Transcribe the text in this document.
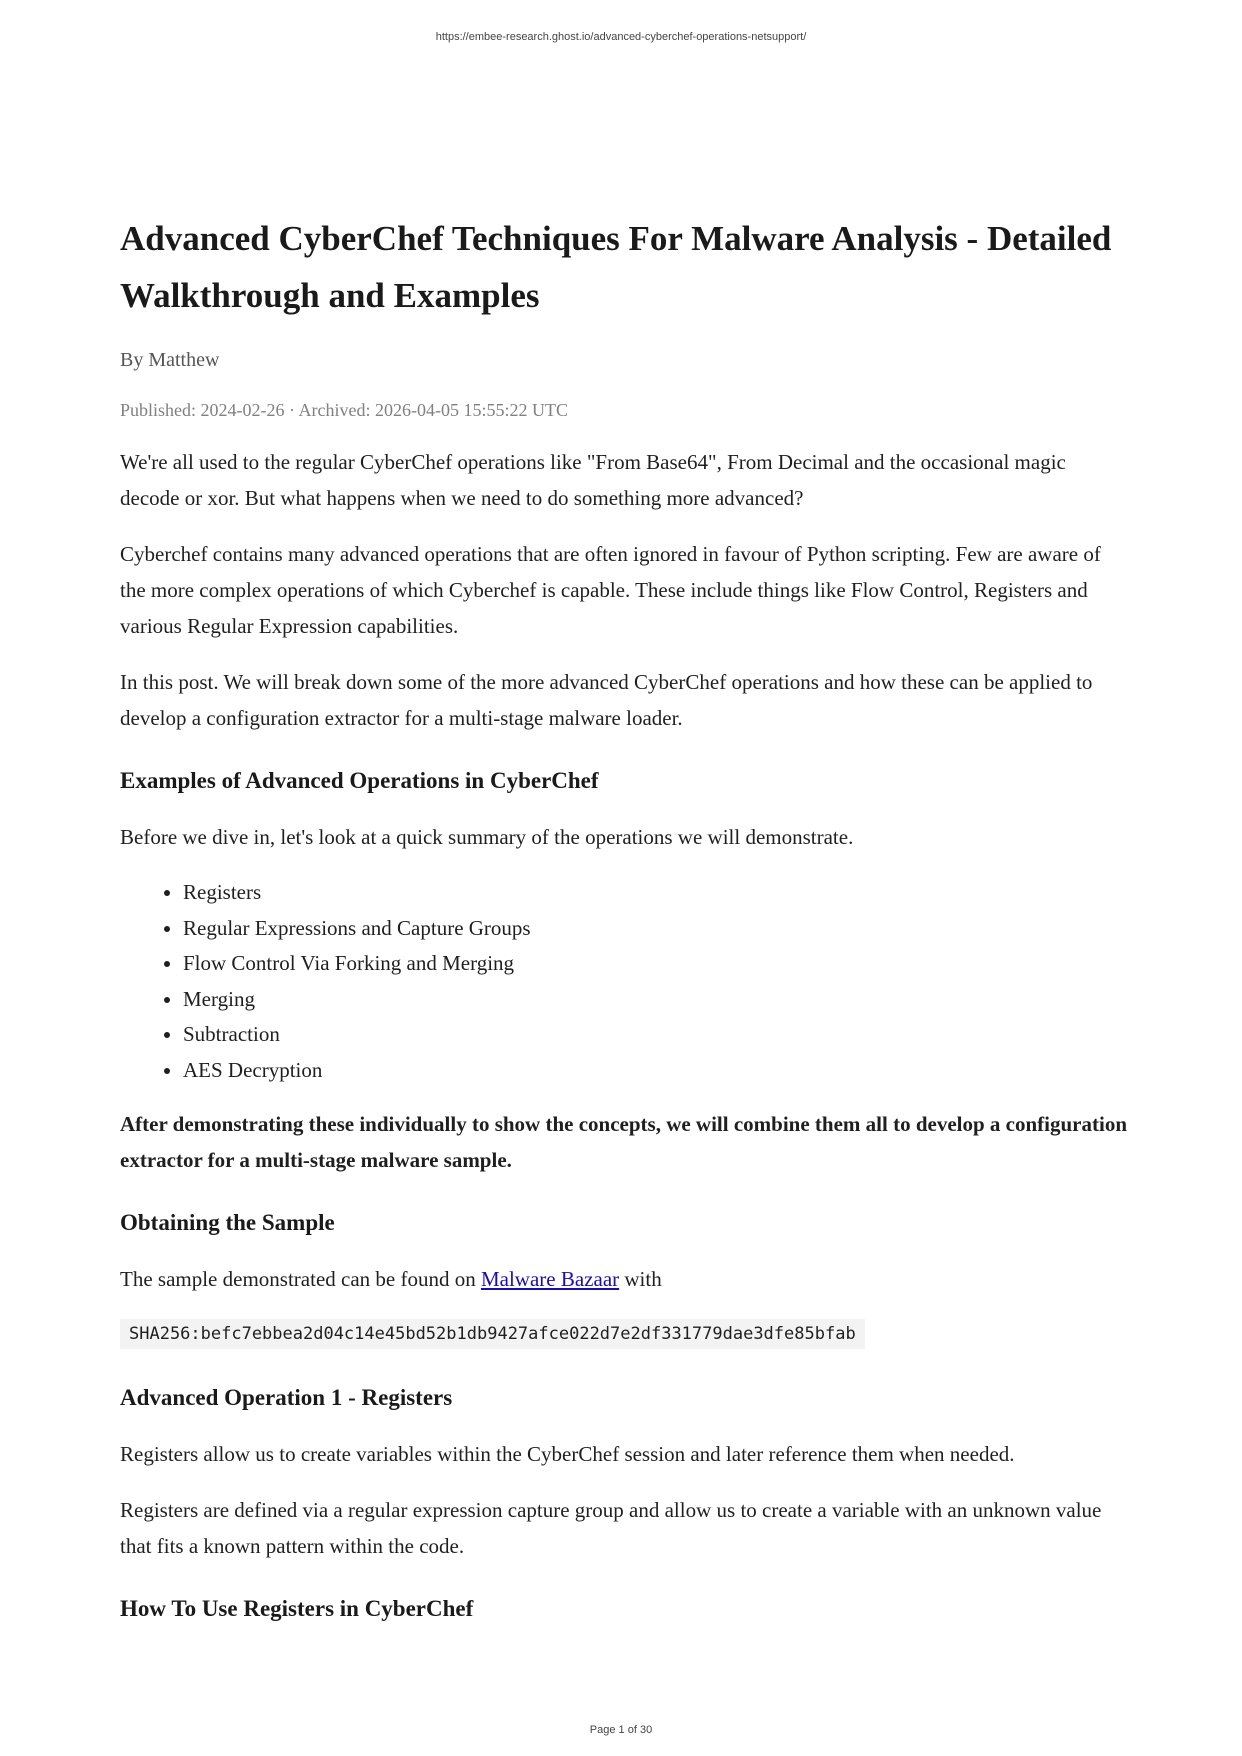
https://embee-research.ghost.io/advanced-cyberchef-operations-netsupport/
Advanced CyberChef Techniques For Malware Analysis - Detailed Walkthrough and Examples
By Matthew
Published: 2024-02-26 · Archived: 2026-04-05 15:55:22 UTC

We're all used to the regular CyberChef operations like "From Base64", From Decimal and the occasional magic decode or xor. But what happens when we need to do something more advanced?

Cyberchef contains many advanced operations that are often ignored in favour of Python scripting. Few are aware of the more complex operations of which Cyberchef is capable. These include things like Flow Control, Registers and various Regular Expression capabilities.

In this post. We will break down some of the more advanced CyberChef operations and how these can be applied to develop a configuration extractor for a multi-stage malware loader.

Examples of Advanced Operations in CyberChef

Before we dive in, let's look at a quick summary of the operations we will demonstrate.

• Registers
• Regular Expressions and Capture Groups
• Flow Control Via Forking and Merging
• Merging
• Subtraction
• AES Decryption

After demonstrating these individually to show the concepts, we will combine them all to develop a configuration extractor for a multi-stage malware sample.

Obtaining the Sample

The sample demonstrated can be found on Malware Bazaar with

SHA256:befc7ebbea2d04c14e45bd52b1db9427afce022d7e2df331779dae3dfe85bfab
Advanced Operation 1 - Registers

Registers allow us to create variables within the CyberChef session and later reference them when needed.

Registers are defined via a regular expression capture group and allow us to create a variable with an unknown value that fits a known pattern within the code.

How To Use Registers in CyberChef
Page 1 of 30
